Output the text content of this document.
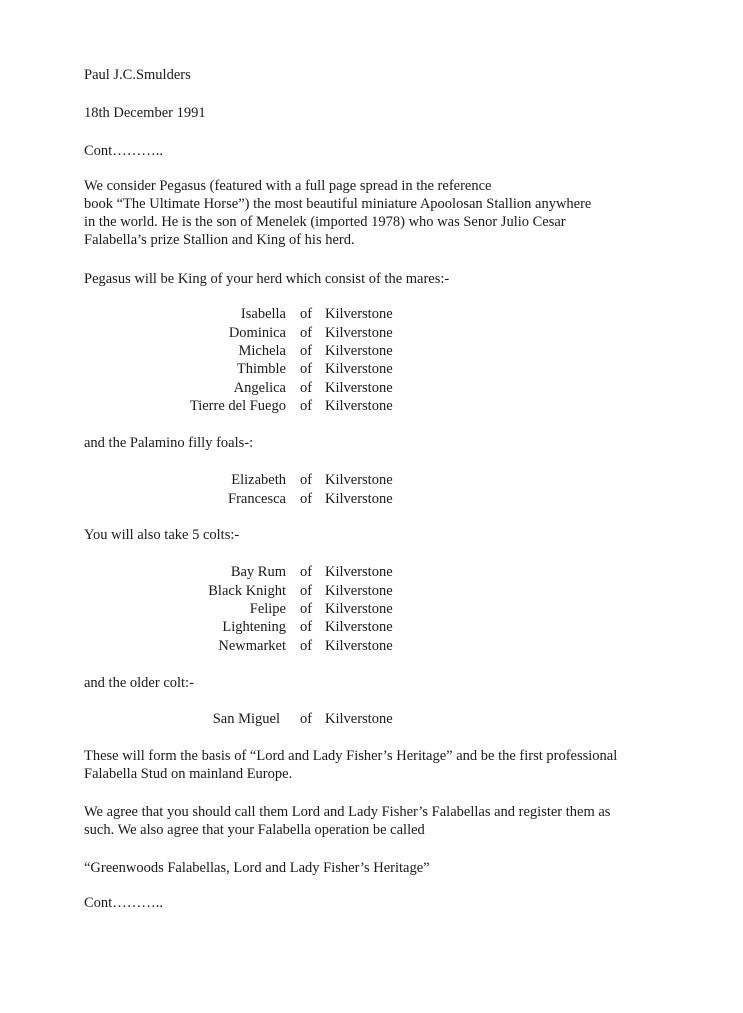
Paul J.C.Smulders
18th December 1991
Cont………..
We consider Pegasus (featured with a full page spread in the reference
book “The Ultimate Horse”) the most beautiful miniature Apoolosan Stallion anywhere
in the world. He is the son of Menelek (imported 1978) who was Senor Julio Cesar
Falabella’s prize Stallion and King of his herd.
Pegasus will be King of your herd which consist of the mares:-
Isabella of Kilverstone
Dominica of Kilverstone
Michela of Kilverstone
Thimble of Kilverstone
Angelica of Kilverstone
Tierre del Fuego of Kilverstone
and the Palamino filly foals-:
Elizabeth of Kilverstone
Francesca of Kilverstone
You will also take 5 colts:-
Bay Rum of Kilverstone
Black Knight of Kilverstone
Felipe of Kilverstone
Lightening of Kilverstone
Newmarket of Kilverstone
and the older colt:-
San Miguel of Kilverstone
These will form the basis of “Lord and Lady Fisher’s Heritage” and be the first professional
Falabella Stud on mainland Europe.
We agree that you should call them Lord and Lady Fisher’s Falabellas and register them as
such. We also agree that your Falabella operation be called
“Greenwoods Falabellas, Lord and Lady Fisher’s Heritage”
Cont………..
